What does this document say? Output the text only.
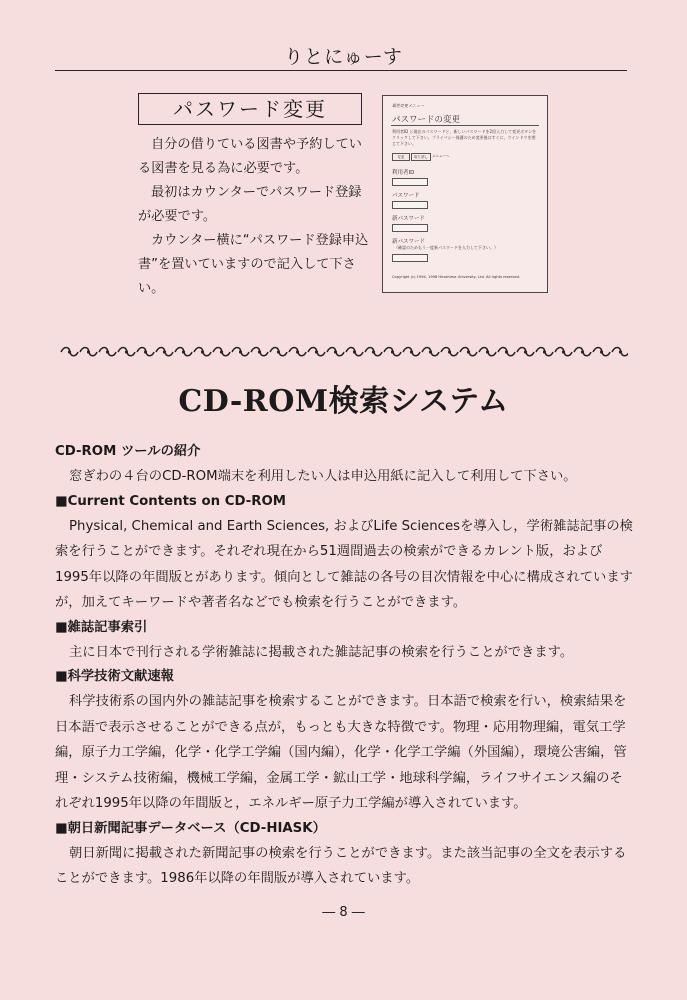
りとにゅーす
パスワード変更

自分の借りている図書や予約している図書を見る為に必要です。

最初はカウンターでパスワード登録が必要です。

カウンター横に“パスワード登録申込書”を置いていますので記入して下さい。

属性変更メニュー
パスワードの変更
利用者ID と現在のパスワードと、新しいパスワードを2回入力して変更ボタンをクリックして下さい。プライバシー保護のため変更後はすぐに、ウインドウを閉じて下さい。
変更	取り消し	メニューへ
利用者ID
パスワード
新パスワード
新パスワード
（確認のためもう一度新パスワードを入力して下さい。）
Copyright (c) 1994, 1998 Hiroshima University, Ltd. All rights reserved.
CD-ROM検索システム

CD-ROM ツールの紹介

窓ぎわの４台のCD-ROM端末を利用したい人は申込用紙に記入して利用して下さい。

■Current Contents on CD-ROM

Physical, Chemical and Earth Sciences, およびLife Sciencesを導入し，学術雑誌記事の検索を行うことができます。それぞれ現在から51週間過去の検索ができるカレント版，および1995年以降の年間版とがあります。傾向として雑誌の各号の目次情報を中心に構成されていますが，加えてキーワードや著者名などでも検索を行うことができます。

■雑誌記事索引

主に日本で刊行される学術雑誌に掲載された雑誌記事の検索を行うことができます。

■科学技術文献速報

科学技術系の国内外の雑誌記事を検索することができます。日本語で検索を行い，検索結果を日本語で表示させることができる点が，もっとも大きな特徴です。物理・応用物理編，電気工学編，原子力工学編，化学・化学工学編（国内編），化学・化学工学編（外国編），環境公害編，管理・システム技術編，機械工学編，金属工学・鉱山工学・地球科学編，ライフサイエンス編のそれぞれ1995年以降の年間版と，エネルギー原子力工学編が導入されています。

■朝日新聞記事データベース（CD-HIASK）

朝日新聞に掲載された新聞記事の検索を行うことができます。また該当記事の全文を表示することができます。1986年以降の年間版が導入されています。

― 8 ―
